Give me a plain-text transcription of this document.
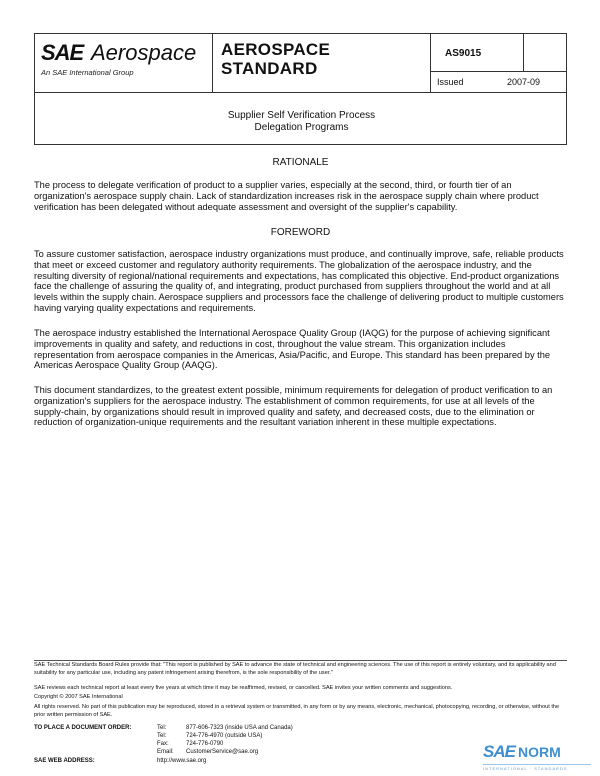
SAE Aerospace
An SAE International Group
AEROSPACE
STANDARD
AS9015
Issued	2007-09
Supplier Self Verification Process
Delegation Programs
RATIONALE
The process to delegate verification of product to a supplier varies, especially at the second, third, or fourth tier of an organization's aerospace supply chain. Lack of standardization increases risk in the aerospace supply chain where product verification has been delegated without adequate assessment and oversight of the supplier's capability.
FOREWORD
To assure customer satisfaction, aerospace industry organizations must produce, and continually improve, safe, reliable products that meet or exceed customer and regulatory authority requirements. The globalization of the aerospace industry, and the resulting diversity of regional/national requirements and expectations, has complicated this objective. End-product organizations face the challenge of assuring the quality of, and integrating, product purchased from suppliers throughout the world and at all levels within the supply chain. Aerospace suppliers and processors face the challenge of delivering product to multiple customers having varying quality expectations and requirements.
The aerospace industry established the International Aerospace Quality Group (IAQG) for the purpose of achieving significant improvements in quality and safety, and reductions in cost, throughout the value stream. This organization includes representation from aerospace companies in the Americas, Asia/Pacific, and Europe. This standard has been prepared by the Americas Aerospace Quality Group (AAQG).
This document standardizes, to the greatest extent possible, minimum requirements for delegation of product verification to an organization's suppliers for the aerospace industry. The establishment of common requirements, for use at all levels of the supply-chain, by organizations should result in improved quality and safety, and decreased costs, due to the elimination or reduction of organization-unique requirements and the resultant variation inherent in these multiple expectations.
SAE Technical Standards Board Rules provide that: "This report is published by SAE to advance the state of technical and engineering sciences. The use of this report is entirely voluntary, and its applicability and suitability for any particular use, including any patent infringement arising therefrom, is the sole responsibility of the user."
SAE reviews each technical report at least every five years at which time it may be reaffirmed, revised, or cancelled. SAE invites your written comments and suggestions.
Copyright © 2007 SAE International
All rights reserved. No part of this publication may be reproduced, stored in a retrieval system or transmitted, in any form or by any means, electronic, mechanical, photocopying, recording, or otherwise, without the prior written permission of SAE.
TO PLACE A DOCUMENT ORDER:	Tel:	877-606-7323 (inside USA and Canada)
Tel:	724-776-4970 (outside USA)
Fax:	724-776-0790
Email: CustomerService@sae.org
SAE WEB ADDRESS:	http://www.sae.org	SAE NORM
INTERNATIONAL · STANDARDS
